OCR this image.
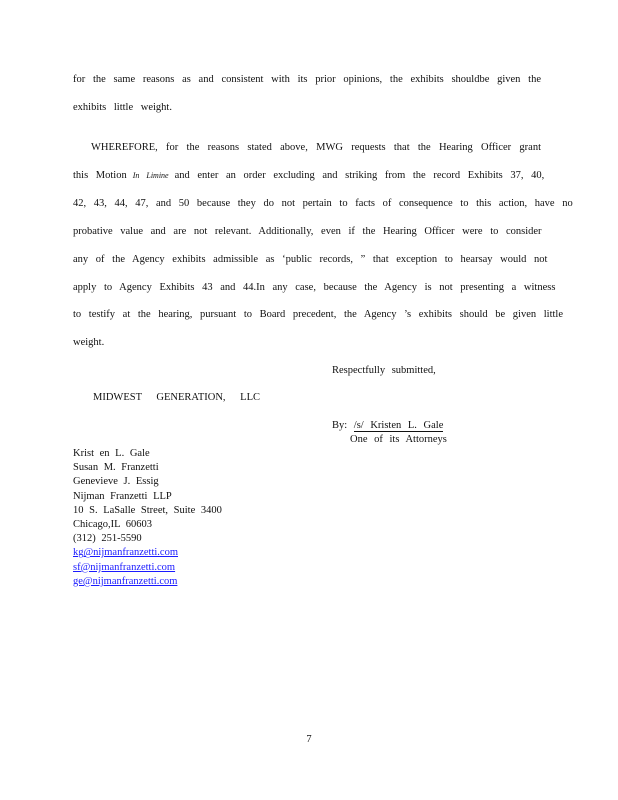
for the same reasons as and consistent with its prior opinions, the exhibits shouldbe given the
exhibits little weight.
WHEREFORE, for the reasons stated above, MWG requests that the Hearing Officer grant
this Motion In Limine and enter an order excluding and striking from the record Exhibits 37, 40,
42, 43, 44, 47, and 50 because they do not pertain to facts of consequence to this action, have no
probative value and are not relevant. Additionally, even if the Hearing Officer were to consider
any of the Agency exhibits admissible as ‘public records, ” that exception to hearsay would not
apply to Agency Exhibits 43 and 44.In any case, because the Agency is not presenting a witness
to testify at the hearing, pursuant to Board precedent, the Agency ’s exhibits should be given little
weight.
Respectfully submitted,
MIDWEST GENERATION, LLC
By: /s/ Kristen L. Gale
One of its Attorneys
Krist en L. Gale
Susan M. Franzetti
Genevieve J. Essig
Nijman Franzetti LLP
10 S. LaSalle Street, Suite 3400
Chicago,IL 60603
(312) 251-5590
kg@nijmanfranzetti.com
sf@nijmanfranzetti.com
ge@nijmanfranzetti.com
7
